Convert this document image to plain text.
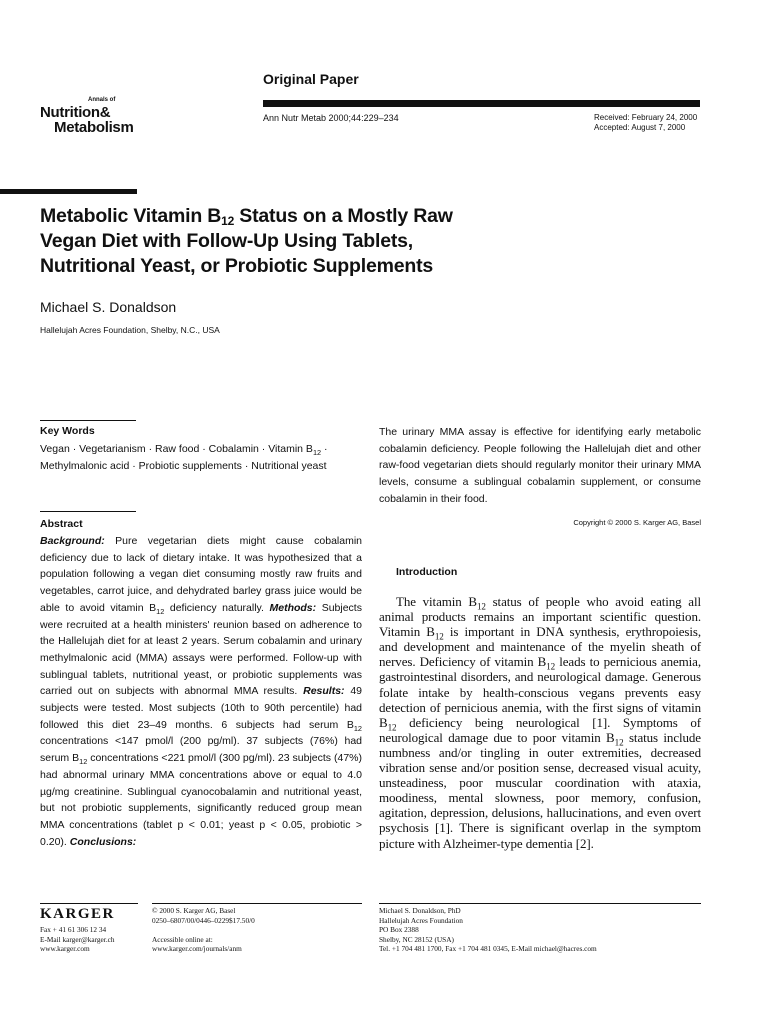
Original Paper
Ann Nutr Metab 2000;44:229–234	Received: February 24, 2000
Accepted: August 7, 2000
Annals of
Nutrition&
Metabolism
Metabolic Vitamin $B_{12}$ Status on a Mostly Raw
Vegan Diet with Follow-Up Using Tablets,
Nutritional Yeast, or Probiotic Supplements
Michael S. Donaldson
Hallelujah Acres Foundation, Shelby, N.C., USA
Key Words
Vegan · Vegetarianism · Raw food · Cobalamin · Vitamin $B_{12}$ · Methylmalonic acid · Probiotic supplements · Nutritional yeast
Abstract
Background: Pure vegetarian diets might cause cobalamin deficiency due to lack of dietary intake. It was hypothesized that a population following a vegan diet consuming mostly raw fruits and vegetables, carrot juice, and dehydrated barley grass juice would be able to avoid vitamin $B_{12}$ deficiency naturally. Methods: Subjects were recruited at a health ministers' reunion based on adherence to the Hallelujah diet for at least 2 years. Serum cobalamin and urinary methylmalonic acid (MMA) assays were performed. Follow-up with sublingual tablets, nutritional yeast, or probiotic supplements was carried out on subjects with abnormal MMA results. Results: 49 subjects were tested. Most subjects (10th to 90th percentile) had followed this diet 23–49 months. 6 subjects had serum $B_{12}$ concentrations <147 pmol/l (200 pg/ml). 37 subjects (76%) had serum $B_{12}$ concentrations <221 pmol/l (300 pg/ml). 23 subjects (47%) had abnormal urinary MMA concentrations above or equal to 4.0 µg/mg creatinine. Sublingual cyanocobalamin and nutritional yeast, but not probiotic supplements, significantly reduced group mean MMA concentrations (tablet p < 0.01; yeast p < 0.05, probiotic > 0.20). Conclusions:
The urinary MMA assay is effective for identifying early metabolic cobalamin deficiency. People following the Hallelujah diet and other raw-food vegetarian diets should regularly monitor their urinary MMA levels, consume a sublingual cobalamin supplement, or consume cobalamin in their food.
Copyright © 2000 S. Karger AG, Basel
Introduction
The vitamin $B_{12}$ status of people who avoid eating all animal products remains an important scientific question. Vitamin $B_{12}$ is important in DNA synthesis, erythropoiesis, and development and maintenance of the myelin sheath of nerves. Deficiency of vitamin $B_{12}$ leads to pernicious anemia, gastrointestinal disorders, and neurological damage. Generous folate intake by health-conscious vegans prevents easy detection of pernicious anemia, with the first signs of vitamin $B_{12}$ deficiency being neurological [1]. Symptoms of neurological damage due to poor vitamin $B_{12}$ status include numbness and/or tingling in outer extremities, decreased vibration sense and/or position sense, decreased visual acuity, unsteadiness, poor muscular coordination with ataxia, moodiness, mental slowness, poor memory, confusion, agitation, depression, delusions, hallucinations, and even overt psychosis [1]. There is significant overlap in the symptom picture with Alzheimer-type dementia [2].
KARGER
Fax + 41 61 306 12 34
E-Mail karger@karger.ch
www.karger.com
© 2000 S. Karger AG, Basel
0250–6807/00/0446–0229$17.50/0

Accessible online at:
www.karger.com/journals/anm
Michael S. Donaldson, PhD
Hallelujah Acres Foundation
PO Box 2388
Shelby, NC 28152 (USA)
Tel. +1 704 481 1700, Fax +1 704 481 0345, E-Mail michael@hacres.com
